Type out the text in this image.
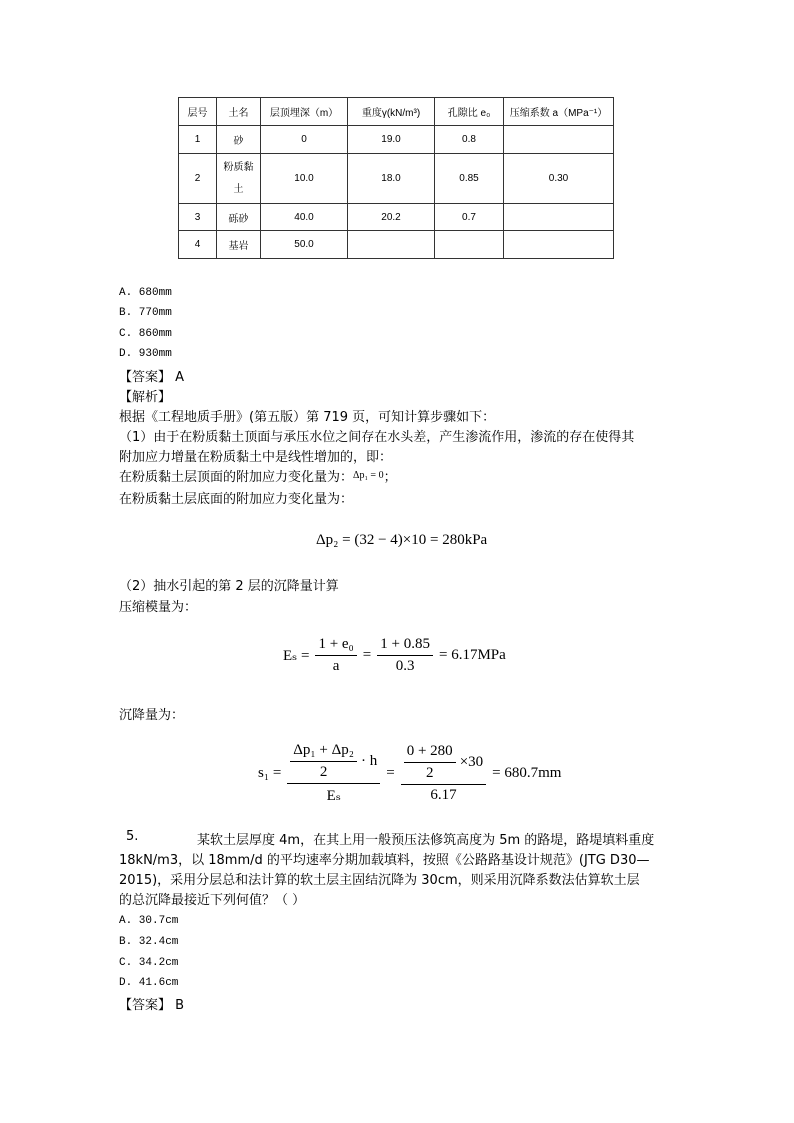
层号	土名	层顶埋深（m）	重度γ(kN/m³)	孔隙比 e₀	压缩系数 a（MPa⁻¹）
1	砂	0	19.0	0.8	
2	粉质黏土	10.0	18.0	0.85	0.30
3	砾砂	40.0	20.2	0.7	
4	基岩	50.0			
A. 680mm
B. 770mm
C. 860mm
D. 930mm
【答案】 A
【解析】
根据《工程地质手册》(第五版）第 719 页，可知计算步骤如下：
（1）由于在粉质黏土顶面与承压水位之间存在水头差，产生渗流作用，渗流的存在使得其
附加应力增量在粉质黏土中是线性增加的，即：
在粉质黏土层顶面的附加应力变化量为：$^{\Delta p_1 = 0}$；
在粉质黏土层底面的附加应力变化量为：
Δp₂ = (32 − 4)×10 = 280kPa
（2）抽水引起的第 2 层的沉降量计算
压缩模量为：
$E_s = \frac{\text{1 + e₀}}{a} = \frac{1 + 0.85}{0.3} = 6.17MPa$
沉降量为：
$s_1 = \frac{\frac{\text{Δp₁ + Δp₂}}{2} \cdot h}{\text{Eₛ}} = \frac{\frac{0 + 280}{2} \times 30}{6.17} = 680.7mm$
5.	某软土层厚度 4m，在其上用一般预压法修筑高度为 5m 的路堤，路堤填料重度
18kN/m3，以 18mm/d 的平均速率分期加载填料，按照《公路路基设计规范》(JTG D30—
2015)，采用分层总和法计算的软土层主固结沉降为 30cm，则采用沉降系数法估算软土层
的总沉降最接近下列何值？（ ）
A. 30.7cm
B. 32.4cm
C. 34.2cm
D. 41.6cm
【答案】 B
